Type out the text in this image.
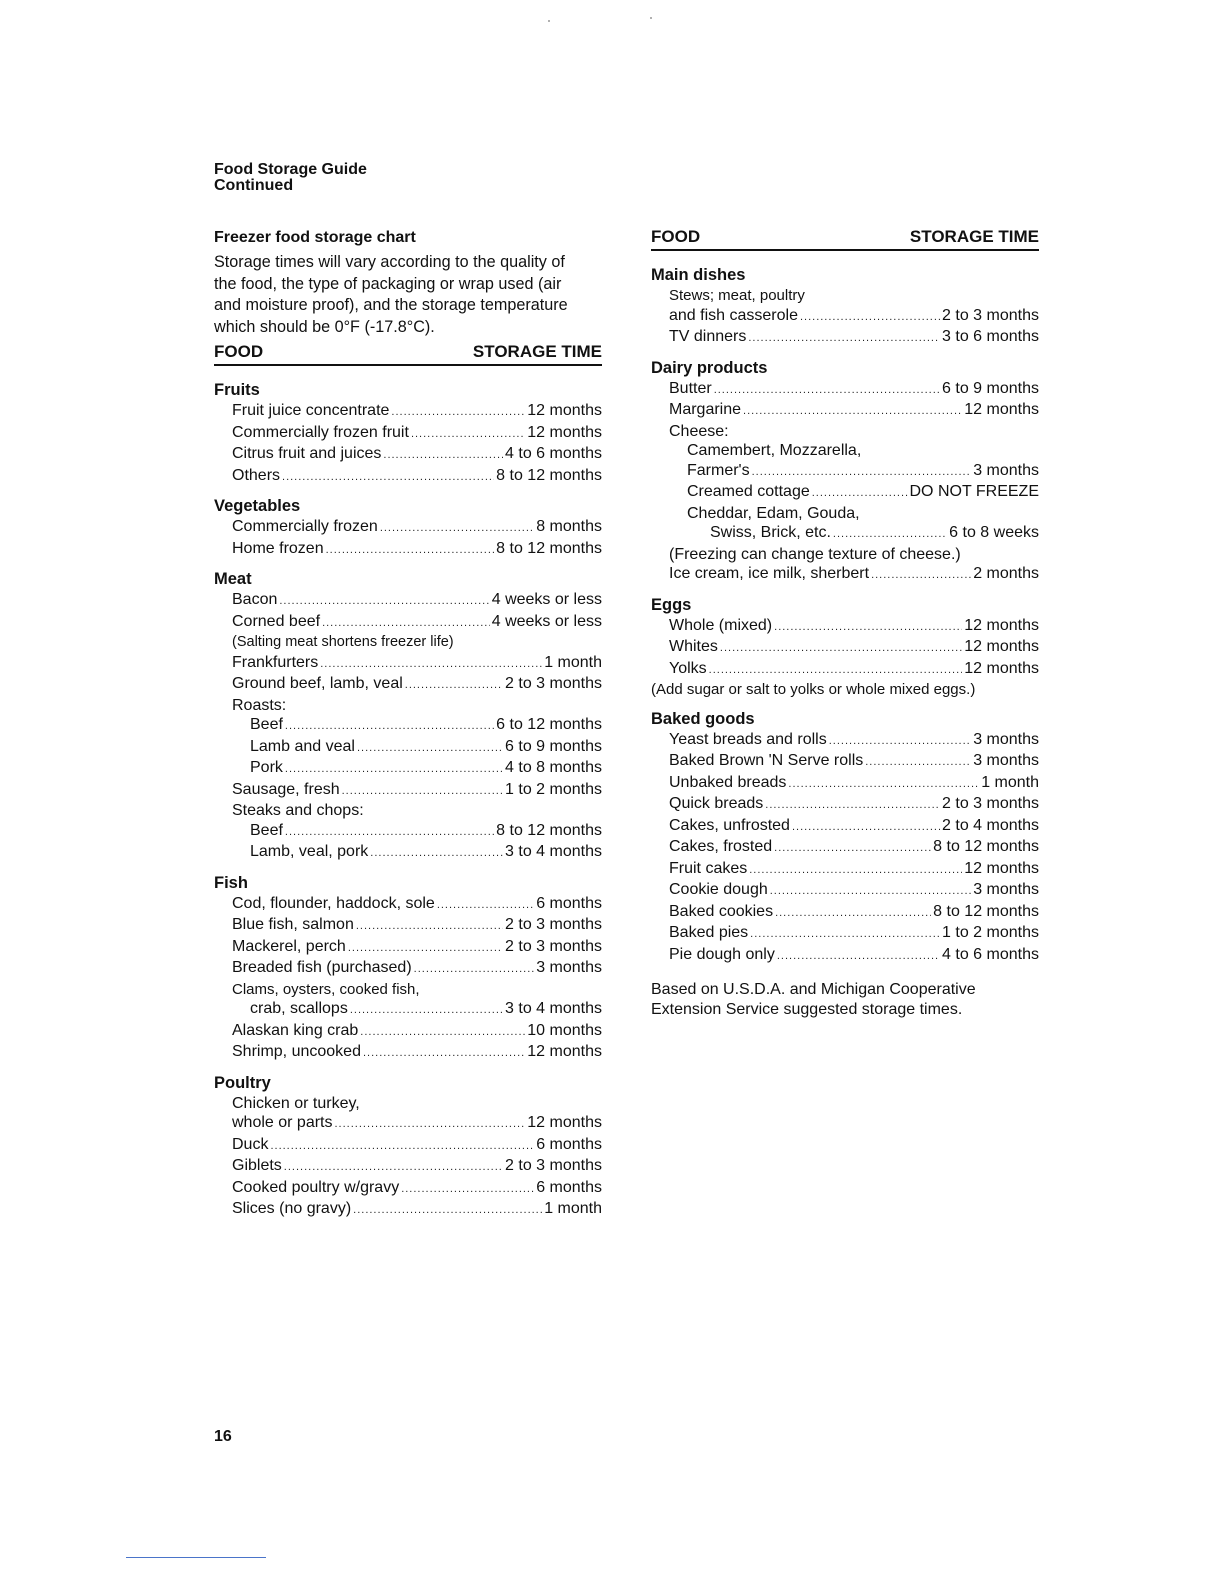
Food Storage Guide
Continued
Freezer food storage chart

Storage times will vary according to the quality of

the food, the type of packaging or wrap used (air

and moisture proof), and the storage temperature

which should be 0°F (-17.8°C).

FOOD	STORAGE TIME
Fruits
Fruit juice concentrate .....	12 months
Commercially frozen fruit .....	12 months
Citrus fruit and juices .....	4 to 6 months
Others .....	8 to 12 months
Vegetables
Commercially frozen .....	8 months
Home frozen .....	8 to 12 months
Meat
Bacon .....	4 weeks or less
Corned beef .....	4 weeks or less
(Salting meat shortens freezer life)
Frankfurters .....	1 month
Ground beef, lamb, veal .....	2 to 3 months
Roasts:
Beef .....	6 to 12 months
Lamb and veal .....	6 to 9 months
Pork .....	4 to 8 months
Sausage, fresh .....	1 to 2 months
Steaks and chops:
Beef .....	8 to 12 months
Lamb, veal, pork .....	3 to 4 months
Fish
Cod, flounder, haddock, sole .....	6 months
Blue fish, salmon .....	2 to 3 months
Mackerel, perch .....	2 to 3 months
Breaded fish (purchased) .....	3 months
Clams, oysters, cooked fish,
crab, scallops .....	3 to 4 months
Alaskan king crab .....	10 months
Shrimp, uncooked .....	12 months
Poultry
Chicken or turkey,
whole or parts .....	12 months
Duck .....	6 months
Giblets .....	2 to 3 months
Cooked poultry w/gravy .....	6 months
Slices (no gravy) .....	1 month
FOOD	STORAGE TIME
Main dishes
Stews; meat, poultry
and fish casserole .....	2 to 3 months
TV dinners .....	3 to 6 months
Dairy products
Butter .....	6 to 9 months
Margarine .....	12 months
Cheese:
Camembert, Mozzarella,
Farmer's .....	3 months
Creamed cottage .....	DO NOT FREEZE
Cheddar, Edam, Gouda,
Swiss, Brick, etc. .....	6 to 8 weeks
(Freezing can change texture of cheese.)
Ice cream, ice milk, sherbert .....	2 months
Eggs
Whole (mixed) .....	12 months
Whites .....	12 months
Yolks .....	12 months
(Add sugar or salt to yolks or whole mixed eggs.)
Baked goods
Yeast breads and rolls .....	3 months
Baked Brown 'N Serve rolls .....	3 months
Unbaked breads .....	1 month
Quick breads .....	2 to 3 months
Cakes, unfrosted .....	2 to 4 months
Cakes, frosted .....	8 to 12 months
Fruit cakes .....	12 months
Cookie dough .....	3 months
Baked cookies .....	8 to 12 months
Baked pies .....	1 to 2 months
Pie dough only .....	4 to 6 months

Based on U.S.D.A. and Michigan Cooperative

Extension Service suggested storage times.

16
